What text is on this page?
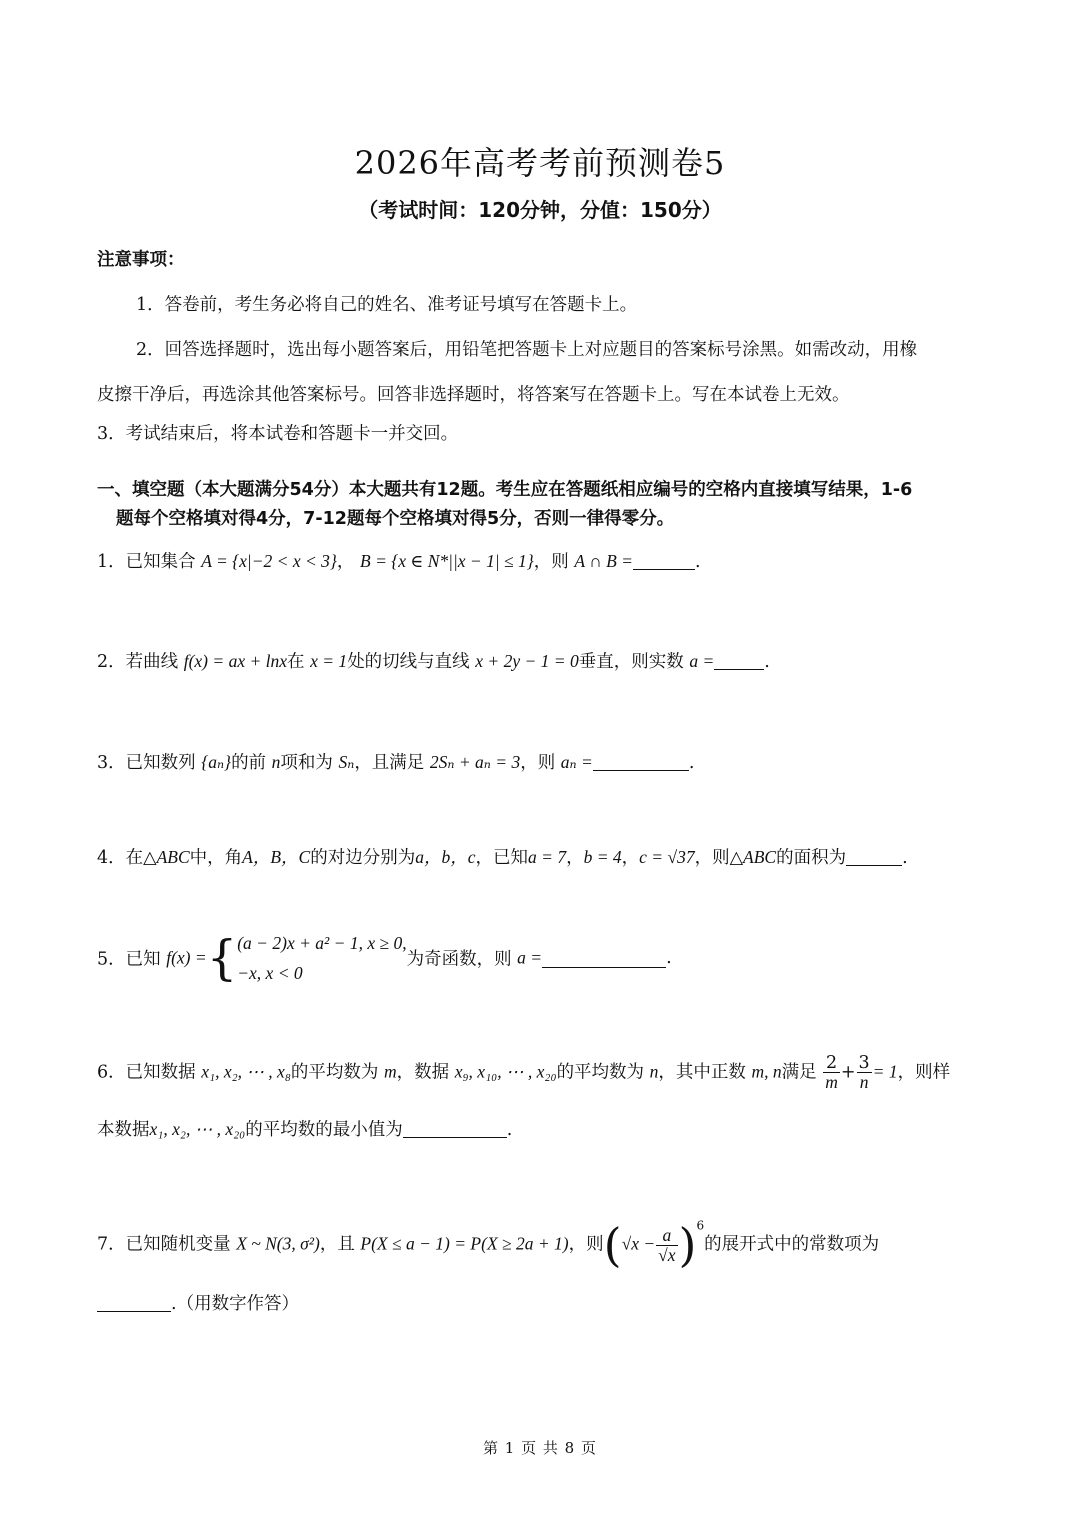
2026年高考考前预测卷5
（考试时间：120分钟，分值：150分）
注意事项：
1．答卷前，考生务必将自己的姓名、准考证号填写在答题卡上。
2．回答选择题时，选出每小题答案后，用铅笔把答题卡上对应题目的答案标号涂黑。如需改动，用橡
皮擦干净后，再选涂其他答案标号。回答非选择题时，将答案写在答题卡上。写在本试卷上无效。
3．考试结束后，将本试卷和答题卡一并交回。
一、填空题（本大题满分54分）本大题共有12题。考生应在答题纸相应编号的空格内直接填写结果，1-6
题每个空格填对得4分，7-12题每个空格填对得5分，否则一律得零分。
1．已知集合 A = {x|−2 < x < 3}， B = {x ∈ N*||x − 1| ≤ 1}，则 A ∩ B =	.
2．若曲线 f(x) = ax + lnx在 x = 1处的切线与直线 x + 2y − 1 = 0垂直，则实数 a =	.
3．已知数列 {aₙ}的前 n项和为 Sₙ，且满足 2Sₙ + aₙ = 3，则 aₙ =	.
4．在△ABC中，角A，B，C的对边分别为a，b，c，已知a = 7，b = 4，c = √37，则△ABC的面积为	.
5．已知 f(x) ={ (a − 2)x + a² − 1, x ≥ 0,
−x, x < 0
为奇函数，则 a =	.
6．已知数据 x₁, x₂, ⋯ , x₈的平均数为 m，数据 x₉, x₁₀, ⋯ , x₂₀的平均数为 n，其中正数 m, n满足 $\frac{2}{m} + \frac{3}{n} = 1$，则样
本数据x₁, x₂, ⋯ , x₂₀的平均数的最小值为	.
7．已知随机变量 X ~ N(3, σ²)，且 P(X ≤ a − 1) = P(X ≥ 2a + 1)，则$(√x - \frac{a}{√x} )^6$的展开式中的常数项为
.（用数字作答）
第 1 页 共 8 页
